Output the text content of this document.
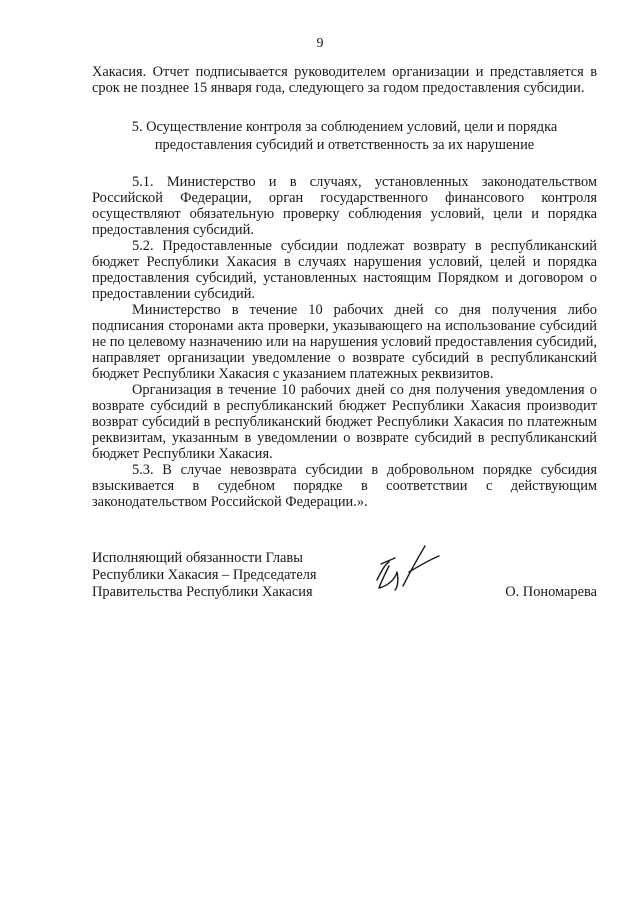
9

Хакасия. Отчет подписывается руководителем организации и представляется в срок не позднее 15 января года, следующего за годом предоставления субсидии.

5. Осуществление контроля за соблюдением условий, цели и порядка
предоставления субсидий и ответственность за их нарушение

5.1. Министерство и в случаях, установленных законодательством Российской Федерации, орган государственного финансового контроля осуществляют обязательную проверку соблюдения условий, цели и порядка предоставления субсидий.

5.2. Предоставленные субсидии подлежат возврату в республиканский бюджет Республики Хакасия в случаях нарушения условий, целей и порядка предоставления субсидий, установленных настоящим Порядком и договором о предоставлении субсидий.

Министерство в течение 10 рабочих дней со дня получения либо подписания сторонами акта проверки, указывающего на использование субсидий не по целевому назначению или на нарушения условий предоставления субсидий, направляет организации уведомление о возврате субсидий в республиканский бюджет Республики Хакасия с указанием платежных реквизитов.

Организация в течение 10 рабочих дней со дня получения уведомления о возврате субсидий в республиканский бюджет Республики Хакасия производит возврат субсидий в республиканский бюджет Республики Хакасия по платежным реквизитам, указанным в уведомлении о возврате субсидий в республиканский бюджет Республики Хакасия.

5.3. В случае невозврата субсидии в добровольном порядке субсидия взыскивается в судебном порядке в соответствии с действующим законодательством Российской Федерации.».

Исполняющий обязанности Главы
Республики Хакасия – Председателя
Правительства Республики Хакасия	О. Пономарева
